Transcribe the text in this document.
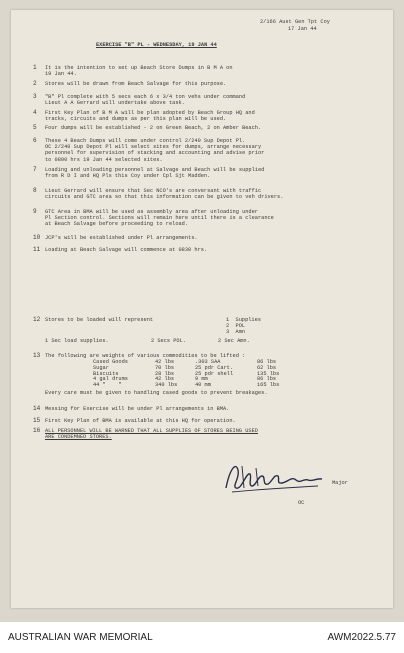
2/166 Aust Gen Tpt Coy
17 Jan 44
EXERCISE "B" PL - WEDNESDAY, 19 JAN 44
1 It is the intention to set up Beach Store Dumps in B M A on
19 Jan 44.
2 Stores will be drawn from Beach Salvage for this purpose.
3 "B" Pl complete with 5 secs each 6 x 3/4 ton vehs under command
Lieut A A Gerrard will undertake above task.
4 First Key Plan of B M A will be plan adopted by Beach Group HQ and
tracks, circuits and dumps as per this plan will be used.
5 Four dumps will be established - 2 on Green Beach, 2 on Amber Beach.
6 These 4 Beach Dumps will come under control 2/240 Sup Depot Pl.
OC 2/240 Sup Depot Pl will select sites for dumps, arrange necessary
personnel for supervision of stacking and accounting and advise prior
to 0800 hrs 19 Jan 44 selected sites.
7 Loading and unloading personnel at Salvage and Beach will be supplied
from R D I and HQ Pls this Coy under Cpl Sjt Madden.
8 Lieut Gerrard will ensure that Sec NCO's are conversant with traffic
circuits and GTC area so that this information can be given to veh drivers.
9 GTC Area in BMA will be used as assembly area after unloading under
Pl Section control. Sections will remain here until there is a clearance
at Beach Salvage before proceeding to reload.
10 JCP's will be established under Pl arrangements.
11 Loading at Beach Salvage will commence at 0830 hrs.
12 Stores to be loaded will represent	1  Supplies
2  POL
3  Amn
1 Sec load supplies.	2 Secs POL.	2 Sec Amn.
13 The following are weights of various commodities to be lifted :
Cased Goods	42 lbs	.303 SAA	86 lbs
Sugar	70 lbs	25 pdr Cart.	62 lbs
Biscuits	28 lbs	25 pdr shell	135 lbs
4 gal drums	42 lbs	9 mm	86 lbs
44 "    "	340 lbs	40 mm	165 lbs
Every care must be given to handling cased goods to prevent breakages.
14 Messing for Exercise will be under Pl arrangements in BMA.
15 First Key Plan of BMA is available at this HQ for operation.
16 ALL PERSONNEL WILL BE WARNED THAT ALL SUPPLIES OF STORES BEING USED
ARE CONDEMNED STORES.
Major
OC
AUSTRALIAN WAR MEMORIAL	AWM2022.5.77
